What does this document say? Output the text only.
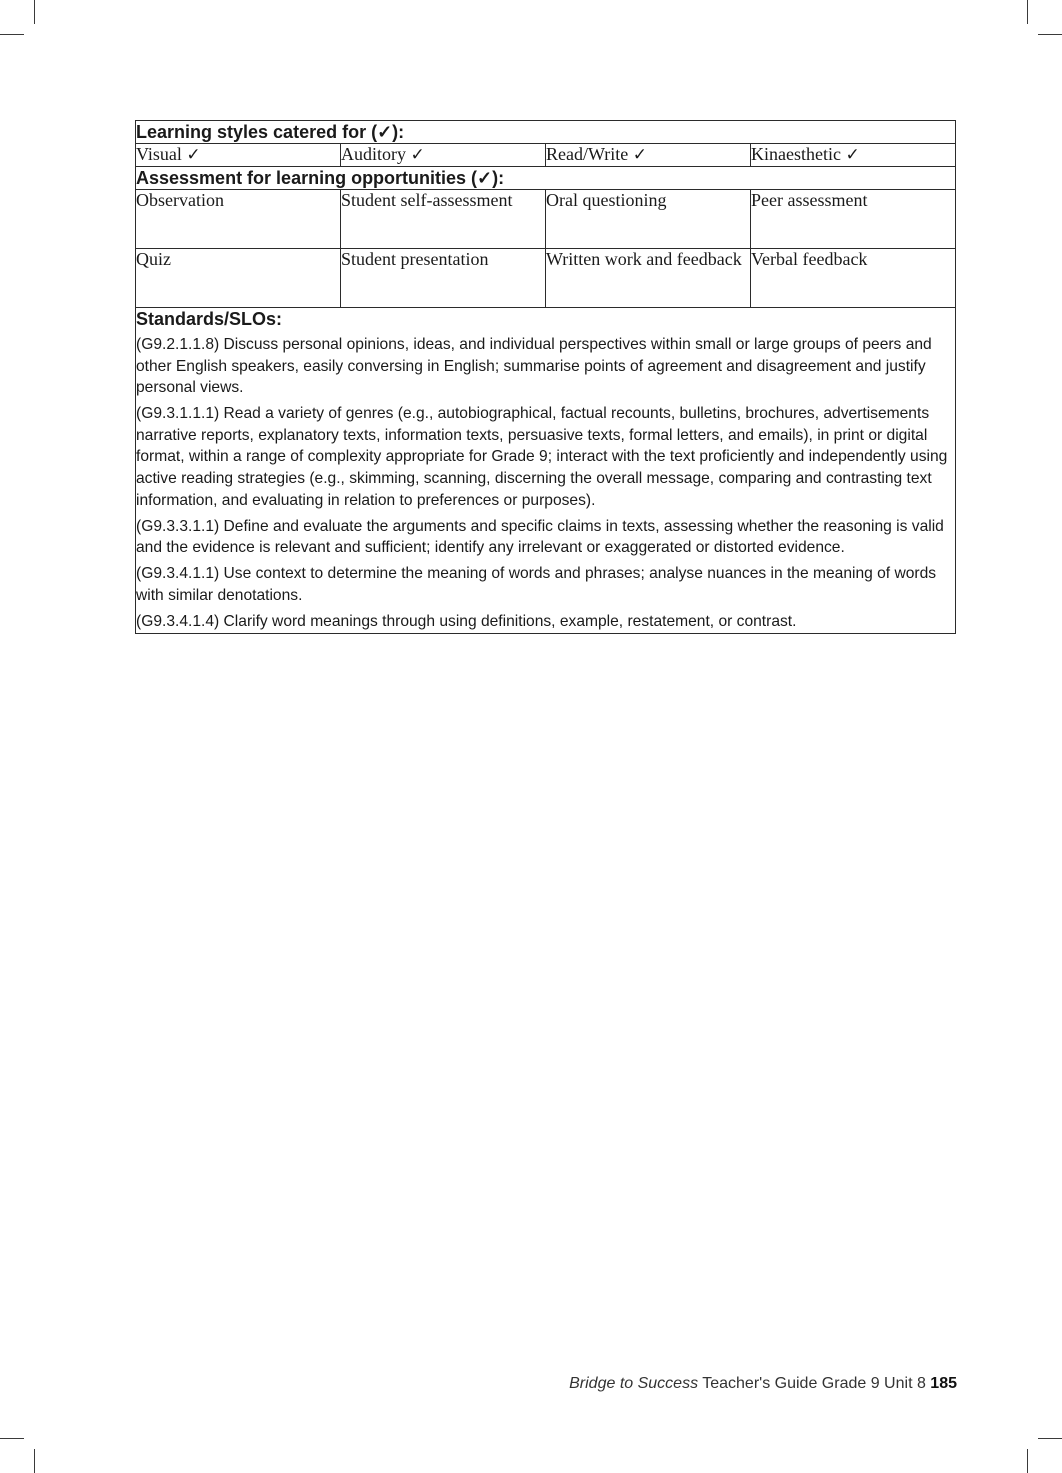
Learning styles catered for (✓):			
Visual ✓	Auditory ✓	Read/Write ✓	Kinaesthetic ✓
Assessment for learning opportunities (✓):			
Observation	Student self-assessment	Oral questioning	Peer assessment
Quiz	Student presentation	Written work and feedback	Verbal feedback

Standards/SLOs:
(G9.2.1.1.8) Discuss personal opinions, ideas, and individual perspectives within small or large groups of peers and other English speakers, easily conversing in English; summarise points of agreement and disagreement and justify personal views.
(G9.3.1.1.1) Read a variety of genres (e.g., autobiographical, factual recounts, bulletins, brochures, advertisements narrative reports, explanatory texts, information texts, persuasive texts, formal letters, and emails), in print or digital format, within a range of complexity appropriate for Grade 9; interact with the text proficiently and independently using active reading strategies (e.g., skimming, scanning, discerning the overall message, comparing and contrasting text information, and evaluating in relation to preferences or purposes).
(G9.3.3.1.1) Define and evaluate the arguments and specific claims in texts, assessing whether the reasoning is valid and the evidence is relevant and sufficient; identify any irrelevant or exaggerated or distorted evidence.
(G9.3.4.1.1) Use context to determine the meaning of words and phrases; analyse nuances in the meaning of words with similar denotations.
(G9.3.4.1.4) Clarify word meanings through using definitions, example, restatement, or contrast.
Bridge to Success Teacher's Guide Grade 9 Unit 8 185
